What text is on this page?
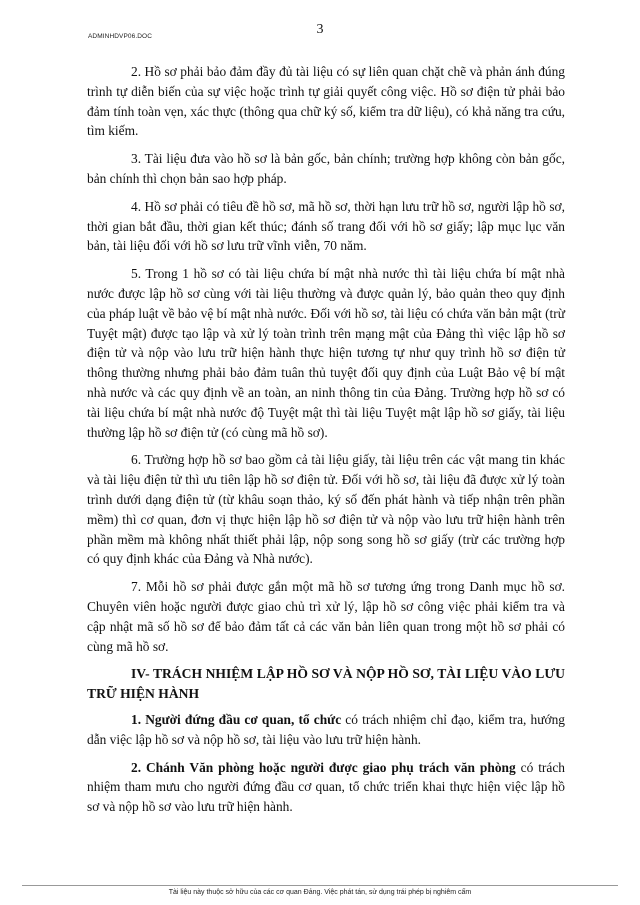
ADMINHDVP06.DOC	3

2. Hồ sơ phải bảo đảm đầy đủ tài liệu có sự liên quan chặt chẽ và phản ánh đúng trình tự diễn biến của sự việc hoặc trình tự giải quyết công việc. Hồ sơ điện tử phải bảo đảm tính toàn vẹn, xác thực (thông qua chữ ký số, kiểm tra dữ liệu), có khả năng tra cứu, tìm kiếm.

3. Tài liệu đưa vào hồ sơ là bản gốc, bản chính; trường hợp không còn bản gốc, bản chính thì chọn bản sao hợp pháp.

4. Hồ sơ phải có tiêu đề hồ sơ, mã hồ sơ, thời hạn lưu trữ hồ sơ, người lập hồ sơ, thời gian bắt đầu, thời gian kết thúc; đánh số trang đối với hồ sơ giấy; lập mục lục văn bản, tài liệu đối với hồ sơ lưu trữ vĩnh viễn, 70 năm.

5. Trong 1 hồ sơ có tài liệu chứa bí mật nhà nước thì tài liệu chứa bí mật nhà nước được lập hồ sơ cùng với tài liệu thường và được quản lý, bảo quản theo quy định của pháp luật về bảo vệ bí mật nhà nước. Đối với hồ sơ, tài liệu có chứa văn bản mật (trừ Tuyệt mật) được tạo lập và xử lý toàn trình trên mạng mật của Đảng thì việc lập hồ sơ điện tử và nộp vào lưu trữ hiện hành thực hiện tương tự như quy trình hồ sơ điện tử thông thường nhưng phải bảo đảm tuân thủ tuyệt đối quy định của Luật Bảo vệ bí mật nhà nước và các quy định về an toàn, an ninh thông tin của Đảng. Trường hợp hồ sơ có tài liệu chứa bí mật nhà nước độ Tuyệt mật thì tài liệu Tuyệt mật lập hồ sơ giấy, tài liệu thường lập hồ sơ điện tử (có cùng mã hồ sơ).

6. Trường hợp hồ sơ bao gồm cả tài liệu giấy, tài liệu trên các vật mang tin khác và tài liệu điện tử thì ưu tiên lập hồ sơ điện tử. Đối với hồ sơ, tài liệu đã được xử lý toàn trình dưới dạng điện tử (từ khâu soạn thảo, ký số đến phát hành và tiếp nhận trên phần mềm) thì cơ quan, đơn vị thực hiện lập hồ sơ điện tử và nộp vào lưu trữ hiện hành trên phần mềm mà không nhất thiết phải lập, nộp song song hồ sơ giấy (trừ các trường hợp có quy định khác của Đảng và Nhà nước).

7. Mỗi hồ sơ phải được gắn một mã hồ sơ tương ứng trong Danh mục hồ sơ. Chuyên viên hoặc người được giao chủ trì xử lý, lập hồ sơ công việc phải kiểm tra và cập nhật mã số hồ sơ để bảo đảm tất cả các văn bản liên quan trong một hồ sơ phải có cùng mã hồ sơ.

IV- TRÁCH NHIỆM LẬP HỒ SƠ VÀ NỘP HỒ SƠ, TÀI LIỆU VÀO LƯU TRỮ HIỆN HÀNH

1. Người đứng đầu cơ quan, tổ chức có trách nhiệm chỉ đạo, kiểm tra, hướng dẫn việc lập hồ sơ và nộp hồ sơ, tài liệu vào lưu trữ hiện hành.

2. Chánh Văn phòng hoặc người được giao phụ trách văn phòng có trách nhiệm tham mưu cho người đứng đầu cơ quan, tổ chức triển khai thực hiện việc lập hồ sơ và nộp hồ sơ vào lưu trữ hiện hành.

Tài liệu này thuộc sở hữu của các cơ quan Đảng. Việc phát tán, sử dụng trái phép bị nghiêm cấm
